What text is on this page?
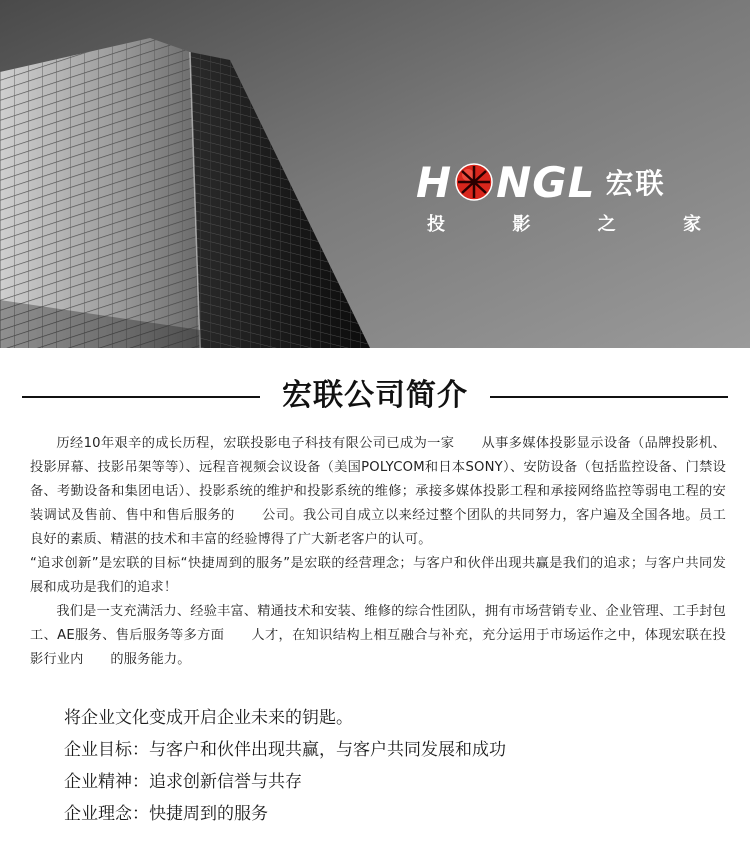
H NGL 宏联
投	影	之	家
宏联公司简介

历经10年艰辛的成长历程，宏联投影电子科技有限公司已成为一家　　从事多媒体投影显示设备（品牌投影机、投影屏幕、技影吊架等等）、远程音视频会议设备（美国POLYCOM和日本SONY）、安防设备（包括监控设备、门禁设备、考勤设备和集团电话）、投影系统的维护和投影系统的维修；承接多媒体投影工程和承接网络监控等弱电工程的安装调试及售前、售中和售后服务的　　公司。我公司自成立以来经过整个团队的共同努力，客户遍及全国各地。员工良好的素质、精湛的技术和丰富的经验博得了广大新老客户的认可。

“追求创新”是宏联的目标“快捷周到的服务”是宏联的经营理念；与客户和伙伴出现共赢是我们的追求；与客户共同发展和成功是我们的追求！

我们是一支充满活力、经验丰富、精通技术和安装、维修的综合性团队，拥有市场营销专业、企业管理、工手封包工、AE服务、售后服务等多方面　　人才，在知识结构上相互融合与补充，充分运用于市场运作之中，体现宏联在投影行业内　　的服务能力。

将企业文化变成开启企业未来的钥匙。
企业目标：与客户和伙伴出现共赢，与客户共同发展和成功
企业精神：追求创新信誉与共存
企业理念：快捷周到的服务
